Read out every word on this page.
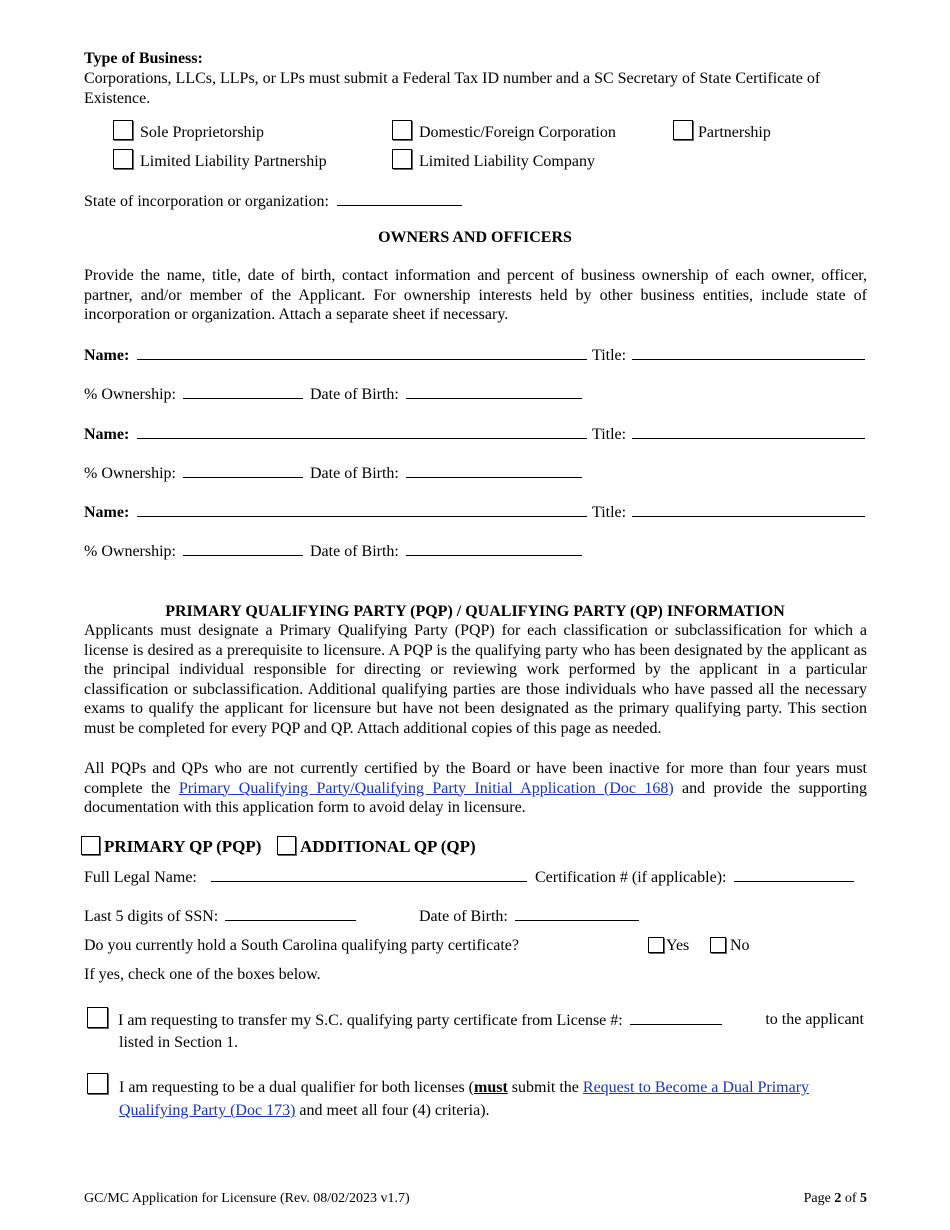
Type of Business:
Corporations, LLCs, LLPs, or LPs must submit a Federal Tax ID number and a SC Secretary of State Certificate of Existence.
Sole Proprietorship	Domestic/Foreign Corporation	Partnership
Limited Liability Partnership	Limited Liability Company
State of incorporation or organization:
OWNERS AND OFFICERS
Provide the name, title, date of birth, contact information and percent of business ownership of each owner, officer, partner, and/or member of the Applicant. For ownership interests held by other business entities, include state of incorporation or organization. Attach a separate sheet if necessary.
Name:	Title:
% Ownership:	Date of Birth:
Name:	Title:
% Ownership:	Date of Birth:
Name:	Title:
% Ownership:	Date of Birth:
PRIMARY QUALIFYING PARTY (PQP) / QUALIFYING PARTY (QP) INFORMATION
Applicants must designate a Primary Qualifying Party (PQP) for each classification or subclassification for which a license is desired as a prerequisite to licensure. A PQP is the qualifying party who has been designated by the applicant as the principal individual responsible for directing or reviewing work performed by the applicant in a particular classification or subclassification. Additional qualifying parties are those individuals who have passed all the necessary exams to qualify the applicant for licensure but have not been designated as the primary qualifying party. This section must be completed for every PQP and QP. Attach additional copies of this page as needed.
All PQPs and QPs who are not currently certified by the Board or have been inactive for more than four years must complete the Primary Qualifying Party/Qualifying Party Initial Application (Doc 168) and provide the supporting documentation with this application form to avoid delay in licensure.
PRIMARY QP (PQP) ADDITIONAL QP (QP)
Full Legal Name:	Certification # (if applicable):
Last 5 digits of SSN:	Date of Birth:
Do you currently hold a South Carolina qualifying party certificate?	Yes	No
If yes, check one of the boxes below.
I am requesting to transfer my S.C. qualifying party certificate from License #:	to the applicant
listed in Section 1.
I am requesting to be a dual qualifier for both licenses (must submit the Request to Become a Dual Primary
Qualifying Party (Doc 173) and meet all four (4) criteria).
GC/MC Application for Licensure (Rev. 08/02/2023 v1.7)	Page 2 of 5
